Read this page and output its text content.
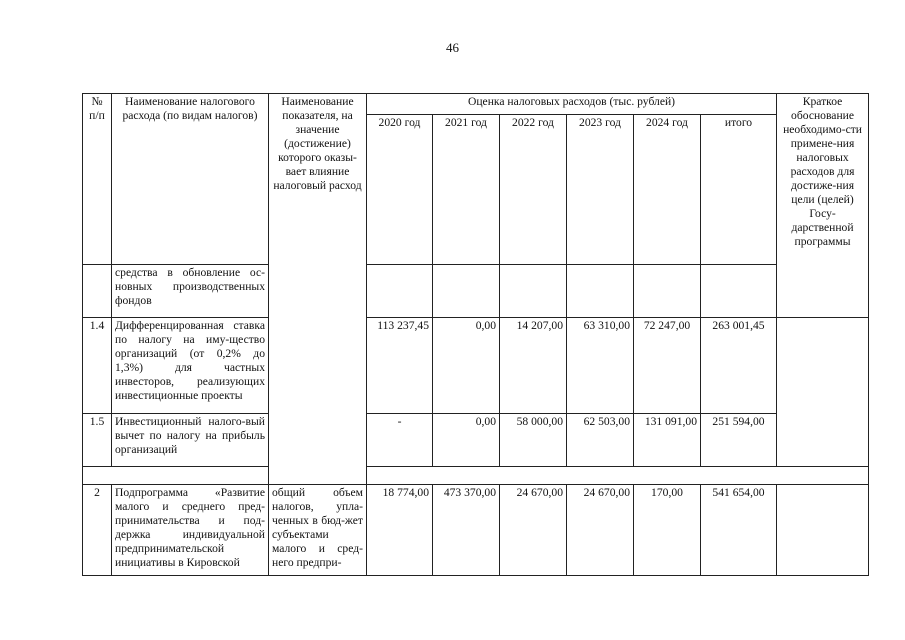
46
№ п/п	Наименование налогового расхода (по видам налогов)	Наименование показателя, на значение (достижение) которого оказы-вает влияние налоговый расход	Оценка налоговых расходов (тыс. рублей)						Краткое обоснование необходимо-сти примене-ния налоговых расходов для достиже-ния цели (целей) Госу-дарственной программы
			2020 год	2021 год	2022 год	2023 год	2024 год	итого	
	средства в обновление ос-новных производственных фондов								
1.4	Дифференцированная ставка по налогу на иму-щество организаций (от 0,2% до 1,3%) для частных инвесторов, реализующих инвестиционные проекты		113 237,45	0,00	14 207,00	63 310,00	72 247,00	263 001,45	
1.5	Инвестиционный налого-вый вычет по налогу на прибыль организаций		-	0,00	58 000,00	62 503,00	131 091,00	251 594,00	

2	Подпрограмма «Развитие малого и среднего пред-принимательства и под-держка индивидуальной предпринимательской инициативы в Кировской	общий объем налогов, упла-ченных в бюд-жет субъектами малого и сред-него предпри-	18 774,00	473 370,00	24 670,00	24 670,00	170,00	541 654,00	
